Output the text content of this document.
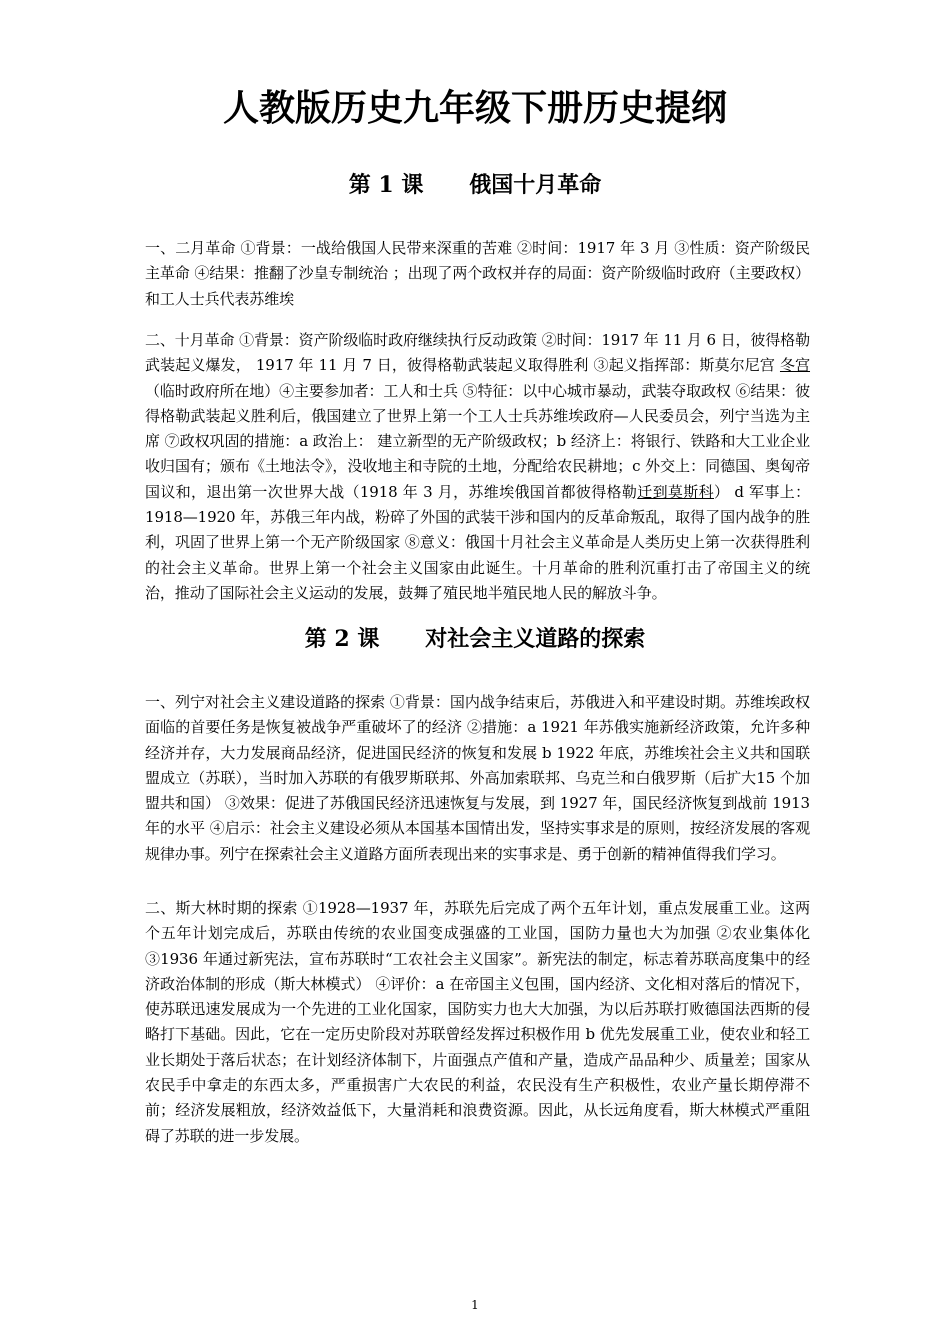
人教版历史九年级下册历史提纲
第 1 课      俄国十月革命

一、二月革命 ①背景：一战给俄国人民带来深重的苦难 ②时间：1917 年 3 月 ③性质：资产阶级民主革命 ④结果：推翻了沙皇专制统治 ；出现了两个政权并存的局面：资产阶级临时政府（主要政权）和工人士兵代表苏维埃

二、十月革命 ①背景：资产阶级临时政府继续执行反动政策 ②时间：1917 年 11 月 6 日，彼得格勒武装起义爆发， 1917 年 11 月 7 日，彼得格勒武装起义取得胜利 ③起义指挥部：斯莫尔尼宫 冬宫（临时政府所在地）④主要参加者：工人和士兵 ⑤特征：以中心城市暴动，武装夺取政权 ⑥结果：彼得格勒武装起义胜利后，俄国建立了世界上第一个工人士兵苏维埃政府—人民委员会，列宁当选为主席 ⑦政权巩固的措施：a 政治上： 建立新型的无产阶级政权；b 经济上：将银行、铁路和大工业企业收归国有；颁布《土地法令》，没收地主和寺院的土地，分配给农民耕地；c 外交上：同德国、奥匈帝国议和，退出第一次世界大战（1918 年 3 月，苏维埃俄国首都彼得格勒迁到莫斯科） d 军事上：1918—1920 年，苏俄三年内战，粉碎了外国的武装干涉和国内的反革命叛乱，取得了国内战争的胜利，巩固了世界上第一个无产阶级国家 ⑧意义：俄国十月社会主义革命是人类历史上第一次获得胜利的社会主义革命。世界上第一个社会主义国家由此诞生。十月革命的胜利沉重打击了帝国主义的统治，推动了国际社会主义运动的发展，鼓舞了殖民地半殖民地人民的解放斗争。

第 2 课      对社会主义道路的探索

一、列宁对社会主义建设道路的探索 ①背景：国内战争结束后，苏俄进入和平建设时期。苏维埃政权面临的首要任务是恢复被战争严重破坏了的经济 ②措施：a 1921 年苏俄实施新经济政策，允许多种经济并存，大力发展商品经济，促进国民经济的恢复和发展 b 1922 年底，苏维埃社会主义共和国联盟成立（苏联），当时加入苏联的有俄罗斯联邦、外高加索联邦、乌克兰和白俄罗斯（后扩大15 个加盟共和国） ③效果：促进了苏俄国民经济迅速恢复与发展，到 1927 年，国民经济恢复到战前 1913 年的水平 ④启示：社会主义建设必须从本国基本国情出发，坚持实事求是的原则，按经济发展的客观规律办事。列宁在探索社会主义道路方面所表现出来的实事求是、勇于创新的精神值得我们学习。

二、斯大林时期的探索 ①1928—1937 年，苏联先后完成了两个五年计划，重点发展重工业。这两个五年计划完成后，苏联由传统的农业国变成强盛的工业国，国防力量也大为加强 ②农业集体化 ③1936 年通过新宪法，宣布苏联时“工农社会主义国家”。新宪法的制定，标志着苏联高度集中的经济政治体制的形成（斯大林模式） ④评价：a 在帝国主义包围，国内经济、文化相对落后的情况下，使苏联迅速发展成为一个先进的工业化国家，国防实力也大大加强，为以后苏联打败德国法西斯的侵略打下基础。因此，它在一定历史阶段对苏联曾经发挥过积极作用 b 优先发展重工业，使农业和轻工业长期处于落后状态；在计划经济体制下，片面强点产值和产量，造成产品品种少、质量差；国家从农民手中拿走的东西太多，严重损害广大农民的利益，农民没有生产积极性，农业产量长期停滞不前；经济发展粗放，经济效益低下，大量消耗和浪费资源。因此，从长远角度看，斯大林模式严重阻碍了苏联的进一步发展。

1
